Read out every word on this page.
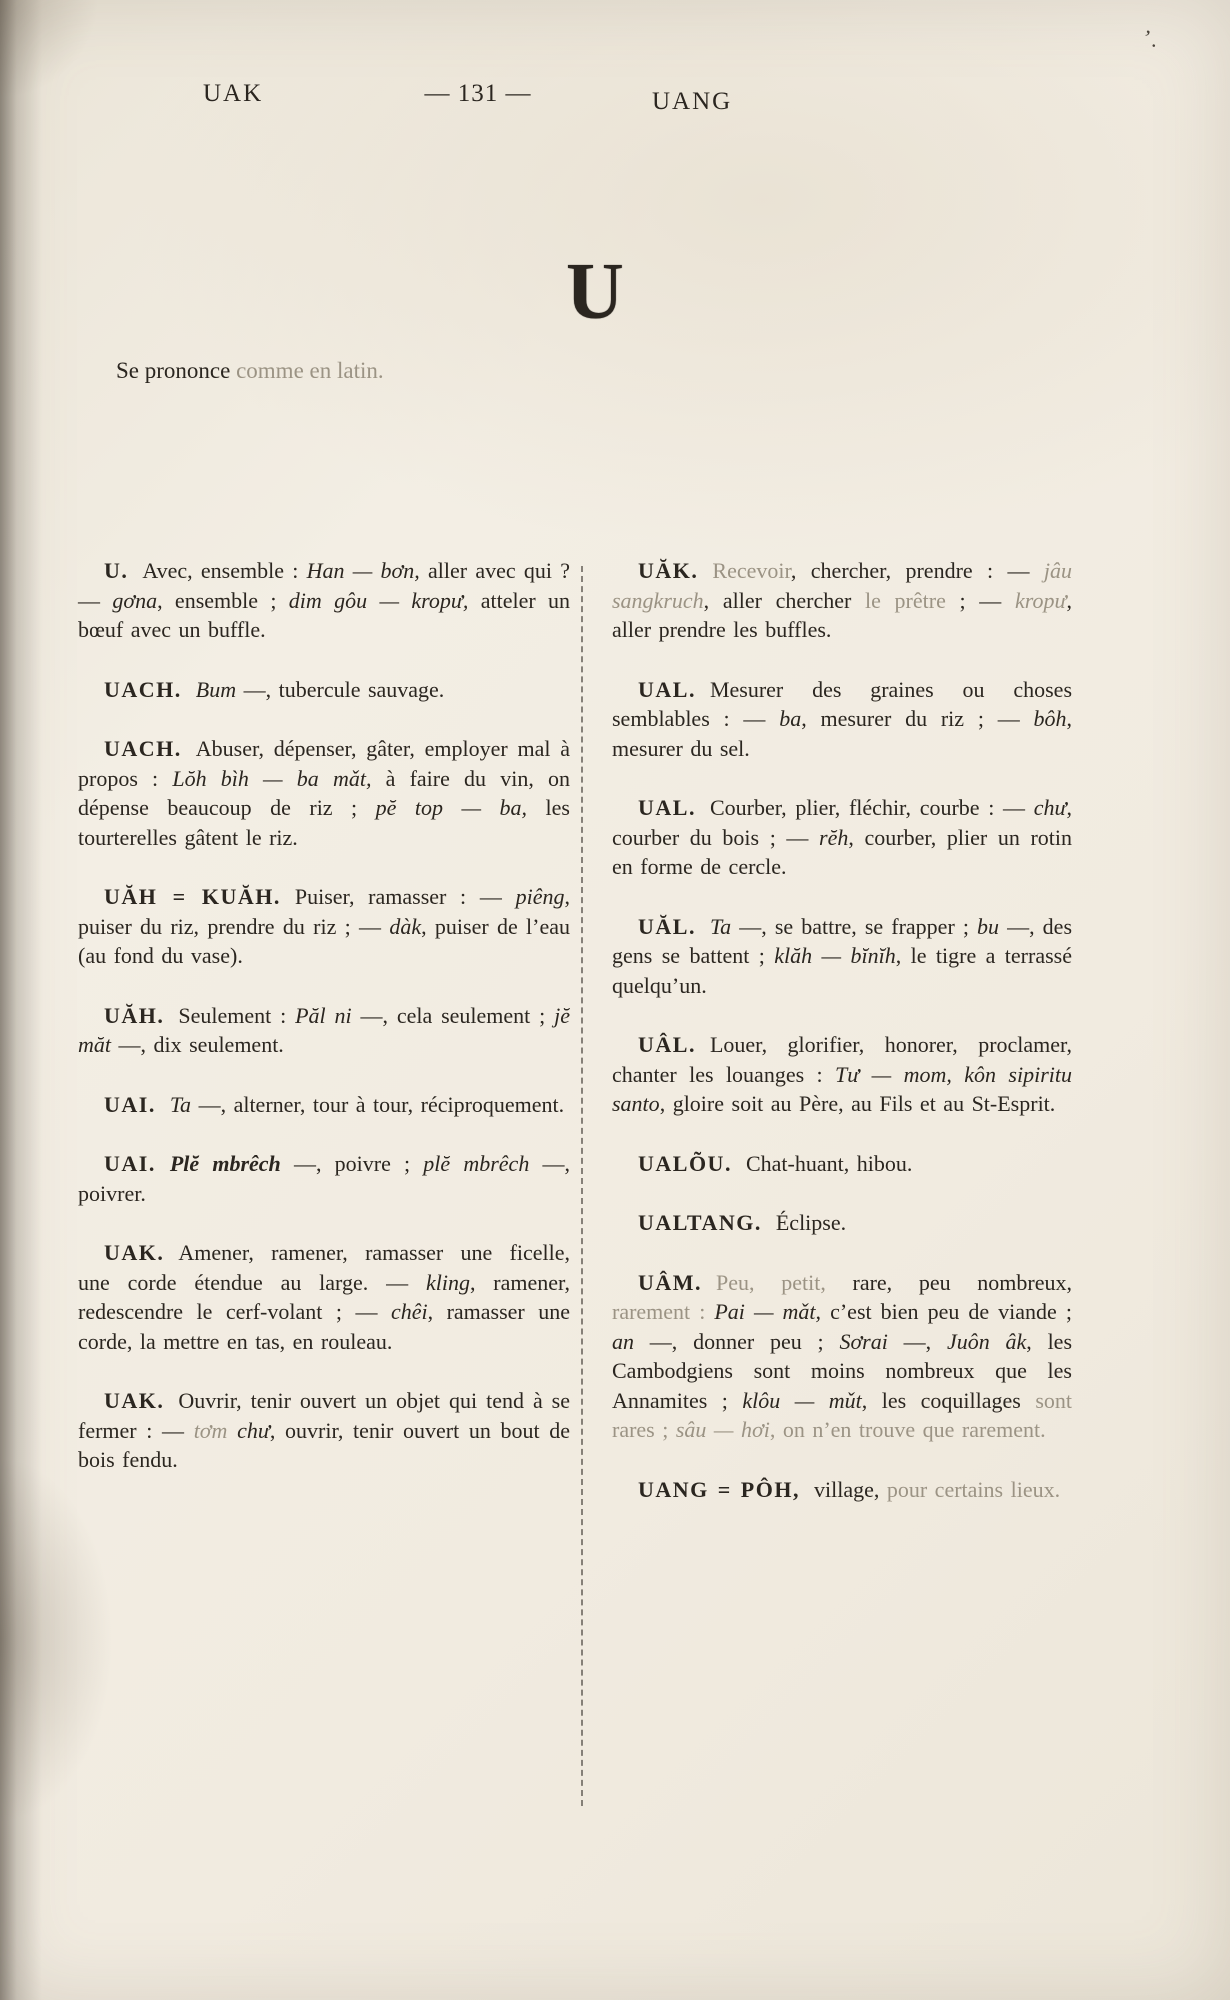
UAK	— 131 —	UANG
’.
U
Se prononce comme en latin.

U. Avec, ensemble : Han — bơn, aller avec qui ? — gơna, ensemble ; dim gôu — kropư, atteler un bœuf avec un buffle.

UACH. Bum —, tubercule sauvage.

UACH. Abuser, dépenser, gâter, employer mal à propos : Lŏh bìh — ba mǎt, à faire du vin, on dépense beaucoup de riz ; pĕ top — ba, les tourterelles gâtent le riz.

UĂH = KUĂH. Puiser, ramasser : — piêng, puiser du riz, prendre du riz ; — dàk, puiser de l’eau (au fond du vase).

UĂH. Seulement : Păl ni —, cela seulement ; jĕ măt —, dix seulement.

UAI. Ta —, alterner, tour à tour, réciproquement.

UAI. Plĕ mbrêch —, poivre ; plĕ mbrêch —, poivrer.

UAK. Amener, ramener, ramasser une ficelle, une corde étendue au large. — kling, ramener, redescendre le cerf-volant ; — chêi, ramasser une corde, la mettre en tas, en rouleau.

UAK. Ouvrir, tenir ouvert un objet qui tend à se fermer : — tơm chư, ouvrir, tenir ouvert un bout de bois fendu.

UĂK. Recevoir, chercher, prendre : — jâu sangkruch, aller chercher le prêtre ; — kropư, aller prendre les buffles.

UAL. Mesurer des graines ou choses semblables : — ba, mesurer du riz ; — bôh, mesurer du sel.

UAL. Courber, plier, fléchir, courbe : — chư, courber du bois ; — rĕh, courber, plier un rotin en forme de cercle.

UĂL. Ta —, se battre, se frapper ; bu —, des gens se battent ; klăh — bĭnĭh, le tigre a terrassé quelqu’un.

UÂL. Louer, glorifier, honorer, proclamer, chanter les louanges : Tư — mom, kôn sipiritu santo, gloire soit au Père, au Fils et au St-Esprit.

UALÕU. Chat-huant, hibou.

UALTANG. Éclipse.

UÂM. Peu, petit, rare, peu nombreux, rarement : Pai — mǎt, c’est bien peu de viande ; an —, donner peu ; Sơrai —, Juôn âk, les Cambodgiens sont moins nombreux que les Annamites ; klôu — mǔt, les coquillages sont rares ; sâu — hơi, on n’en trouve que rarement.

UANG = PÔH, village, pour certains lieux.
